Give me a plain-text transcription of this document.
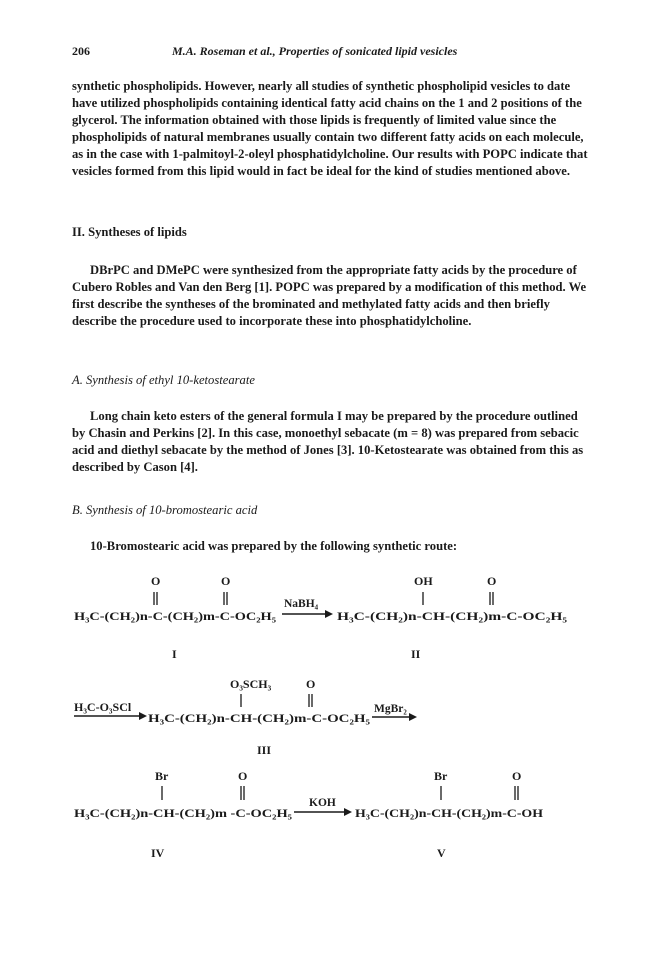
206	M.A. Roseman et al., Properties of sonicated lipid vesicles

synthetic phospholipids. However, nearly all studies of synthetic phospholipid vesicles to date have utilized phospholipids containing identical fatty acid chains on the 1 and 2 positions of the glycerol. The information obtained with those lipids is frequently of limited value since the phospholipids of natural membranes usually contain two different fatty acids on each molecule, as in the case with 1-palmitoyl-2-oleyl phosphatidylcholine. Our results with POPC indicate that vesicles formed from this lipid would in fact be ideal for the kind of studies mentioned above.

II. Syntheses of lipids

DBrPC and DMePC were synthesized from the appropriate fatty acids by the procedure of Cubero Robles and Van den Berg [1]. POPC was prepared by a modification of this method. We first describe the syntheses of the brominated and methylated fatty acids and then briefly describe the procedure used to incorporate these into phosphatidylcholine.

A. Synthesis of ethyl 10-ketostearate

Long chain keto esters of the general formula I may be prepared by the procedure outlined by Chasin and Perkins [2]. In this case, monoethyl sebacate (m = 8) was prepared from sebacic acid and diethyl sebacate by the method of Jones [3]. 10-Ketostearate was obtained from this as described by Cason [4].

B. Synthesis of 10-bromostearic acid

10-Bromostearic acid was prepared by the following synthetic route:

O	O
H₃C-(CH₂)n-C-(CH₂)m-C-OC₂H₅
NaBH₄
OH	O
H₃C-(CH₂)n-CH-(CH₂)m-C-OC₂H₅
I	II
O₃SCH₃	O
H₃C-O₃SCl
H₃C-(CH₂)n-CH-(CH₂)m-C-OC₂H₅
MgBr₂
III
Br	O
H₃C-(CH₂)n-CH-(CH₂)m -C-OC₂H₅
KOH
Br	O
H₃C-(CH₂)n-CH-(CH₂)m-C-OH
IV	V
